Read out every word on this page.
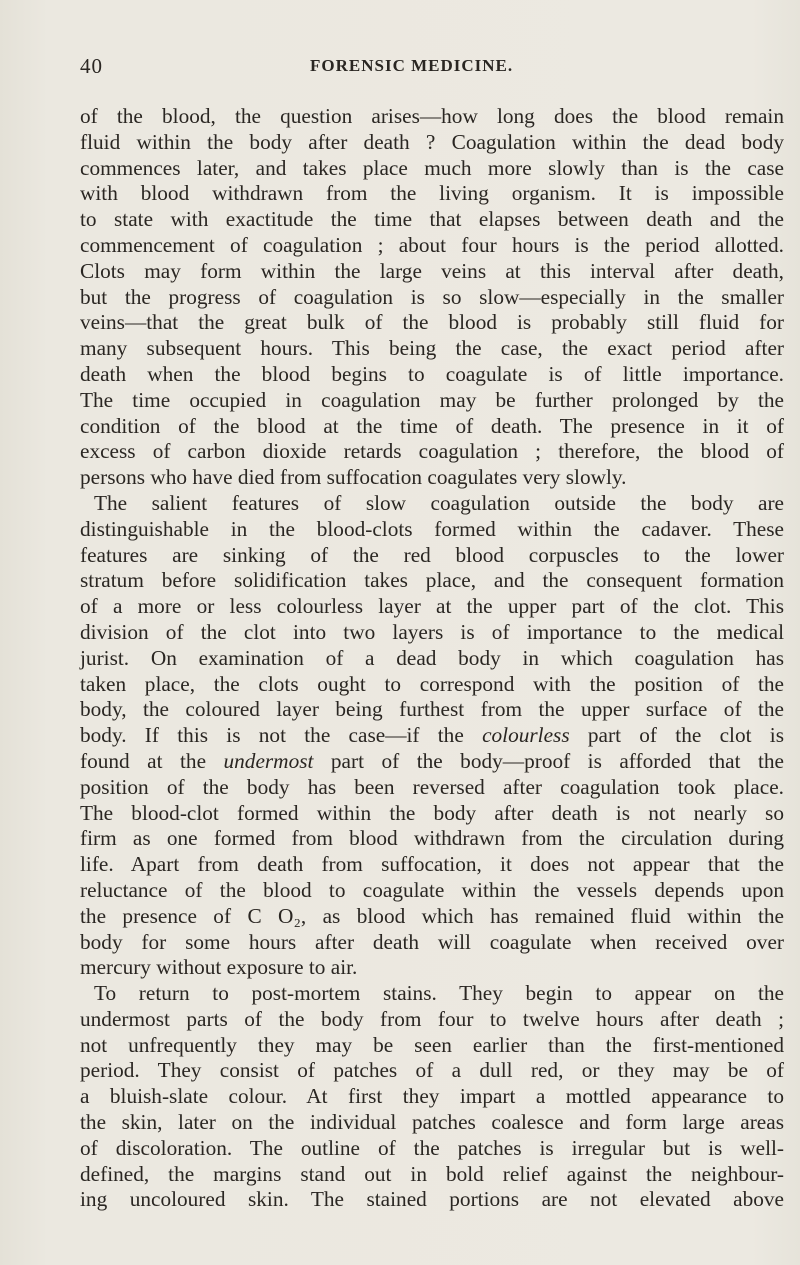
40	FORENSIC MEDICINE.
of the blood, the question arises—how long does the blood remain
fluid within the body after death ? Coagulation within the dead body
commences later, and takes place much more slowly than is the case
with blood withdrawn from the living organism. It is impossible
to state with exactitude the time that elapses between death and the
commencement of coagulation ; about four hours is the period allotted.
Clots may form within the large veins at this interval after death,
but the progress of coagulation is so slow—especially in the smaller
veins—that the great bulk of the blood is probably still fluid for
many subsequent hours. This being the case, the exact period after
death when the blood begins to coagulate is of little importance.
The time occupied in coagulation may be further prolonged by the
condition of the blood at the time of death. The presence in it of
excess of carbon dioxide retards coagulation ; therefore, the blood of
persons who have died from suffocation coagulates very slowly.
The salient features of slow coagulation outside the body are
distinguishable in the blood-clots formed within the cadaver. These
features are sinking of the red blood corpuscles to the lower
stratum before solidification takes place, and the consequent formation
of a more or less colourless layer at the upper part of the clot. This
division of the clot into two layers is of importance to the medical
jurist. On examination of a dead body in which coagulation has
taken place, the clots ought to correspond with the position of the
body, the coloured layer being furthest from the upper surface of the
body. If this is not the case—if the colourless part of the clot is
found at the undermost part of the body—proof is afforded that the
position of the body has been reversed after coagulation took place.
The blood-clot formed within the body after death is not nearly so
firm as one formed from blood withdrawn from the circulation during
life. Apart from death from suffocation, it does not appear that the
reluctance of the blood to coagulate within the vessels depends upon
the presence of C O₂, as blood which has remained fluid within the
body for some hours after death will coagulate when received over
mercury without exposure to air.
To return to post-mortem stains. They begin to appear on the
undermost parts of the body from four to twelve hours after death ;
not unfrequently they may be seen earlier than the first-mentioned
period. They consist of patches of a dull red, or they may be of
a bluish-slate colour. At first they impart a mottled appearance to
the skin, later on the individual patches coalesce and form large areas
of discoloration. The outline of the patches is irregular but is well-
defined, the margins stand out in bold relief against the neighbour-
ing uncoloured skin. The stained portions are not elevated above
